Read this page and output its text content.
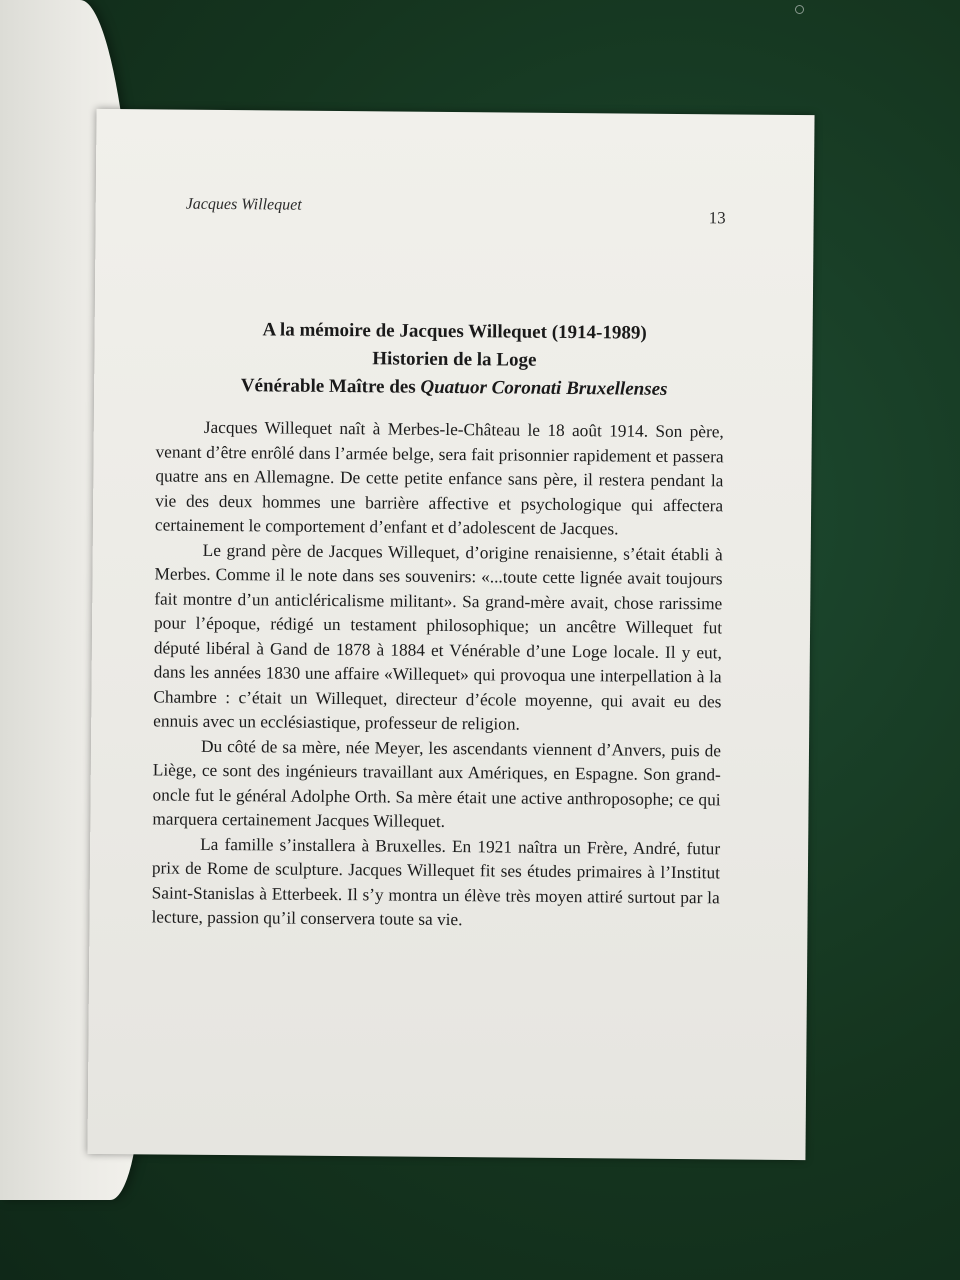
Jacques Willequet
13
A la mémoire de Jacques Willequet (1914-1989)
Historien de la Loge
Vénérable Maître des Quatuor Coronati Bruxellenses

Jacques Willequet naît à Merbes-le-Château le 18 août 1914. Son père, venant d’être enrôlé dans l’armée belge, sera fait prisonnier rapidement et passera quatre ans en Allemagne. De cette petite enfance sans père, il restera pendant la vie des deux hommes une barrière affective et psychologique qui affectera certainement le comportement d’enfant et d’adolescent de Jacques.

Le grand père de Jacques Willequet, d’origine renaisienne, s’était établi à Merbes. Comme il le note dans ses souvenirs: «...toute cette lignée avait toujours fait montre d’un anticléricalisme militant». Sa grand-mère avait, chose rarissime pour l’époque, rédigé un testament philosophique; un ancêtre Willequet fut député libéral à Gand de 1878 à 1884 et Vénérable d’une Loge locale. Il y eut, dans les années 1830 une affaire «Willequet» qui provoqua une interpellation à la Chambre : c’était un Willequet, directeur d’école moyenne, qui avait eu des ennuis avec un ecclésiastique, professeur de religion.

Du côté de sa mère, née Meyer, les ascendants viennent d’Anvers, puis de Liège, ce sont des ingénieurs travaillant aux Amériques, en Espagne. Son grand-oncle fut le général Adolphe Orth. Sa mère était une active anthroposophe; ce qui marquera certainement Jacques Willequet.

La famille s’installera à Bruxelles. En 1921 naîtra un Frère, André, futur prix de Rome de sculpture. Jacques Willequet fit ses études primaires à l’Institut Saint-Stanislas à Etterbeek. Il s’y montra un élève très moyen attiré surtout par la lecture, passion qu’il conservera toute sa vie.
